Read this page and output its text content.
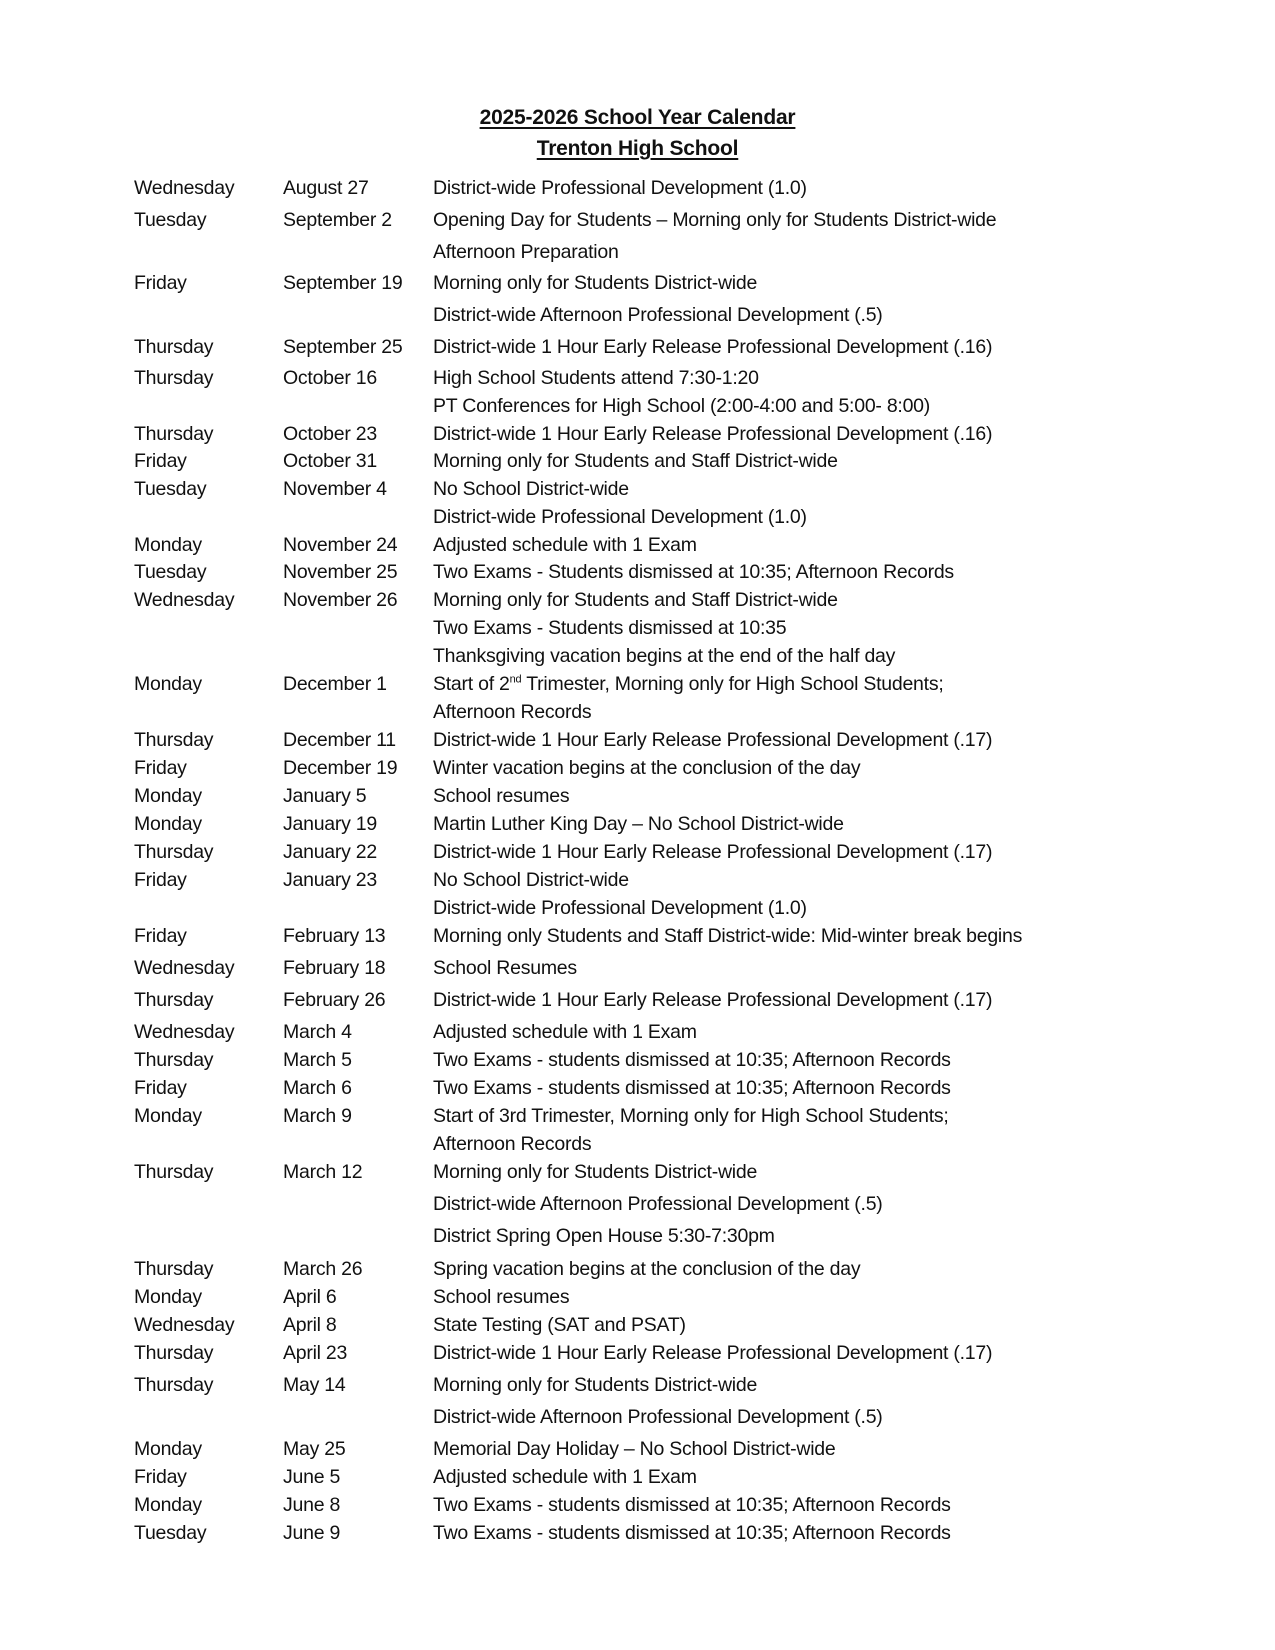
2025-2026 School Year Calendar
Trenton High School
Wednesday August 27	District-wide Professional Development (1.0)
Tuesday	September 2 Opening Day for Students – Morning only for Students District-wide
Afternoon Preparation
Friday	September 19 Morning only for Students District-wide
District-wide Afternoon Professional Development (.5)
Thursday	September 25 District-wide 1 Hour Early Release Professional Development (.16)
Thursday	October 16	High School Students attend 7:30-1:20
PT Conferences for High School (2:00-4:00 and 5:00- 8:00)
Thursday	October 23	District-wide 1 Hour Early Release Professional Development (.16)
Friday	October 31	Morning only for Students and Staff District-wide
Tuesday	November 4 No School District-wide
District-wide Professional Development (1.0)
Monday	November 24 Adjusted schedule with 1 Exam
Tuesday	November 25 Two Exams - Students dismissed at 10:35; Afternoon Records
Wednesday November 26 Morning only for Students and Staff District-wide
Two Exams - Students dismissed at 10:35
Thanksgiving vacation begins at the end of the half day
Monday	December 1 Start of 2nd Trimester, Morning only for High School Students;
Afternoon Records
Thursday	December 11 District-wide 1 Hour Early Release Professional Development (.17)
Friday	December 19 Winter vacation begins at the conclusion of the day
Monday	January 5	School resumes
Monday	January 19	Martin Luther King Day – No School District-wide
Thursday	January 22	District-wide 1 Hour Early Release Professional Development (.17)
Friday	January 23	No School District-wide
District-wide Professional Development (1.0)
Friday	February 13 Morning only Students and Staff District-wide: Mid-winter break begins
Wednesday February 18 School Resumes
Thursday	February 26 District-wide 1 Hour Early Release Professional Development (.17)
Wednesday March 4	Adjusted schedule with 1 Exam
Thursday	March 5	Two Exams - students dismissed at 10:35; Afternoon Records
Friday	March 6	Two Exams - students dismissed at 10:35; Afternoon Records
Monday	March 9	Start of 3rd Trimester, Morning only for High School Students;
Afternoon Records
Thursday	March 12	Morning only for Students District-wide
District-wide Afternoon Professional Development (.5)
District Spring Open House 5:30-7:30pm
Thursday	March 26	Spring vacation begins at the conclusion of the day
Monday	April 6	School resumes
Wednesday April 8	State Testing (SAT and PSAT)
Thursday	April 23	District-wide 1 Hour Early Release Professional Development (.17)
Thursday	May 14	Morning only for Students District-wide
District-wide Afternoon Professional Development (.5)
Monday	May 25	Memorial Day Holiday – No School District-wide
Friday	June 5	Adjusted schedule with 1 Exam
Monday	June 8	Two Exams - students dismissed at 10:35; Afternoon Records
Tuesday	June 9	Two Exams - students dismissed at 10:35; Afternoon Records
